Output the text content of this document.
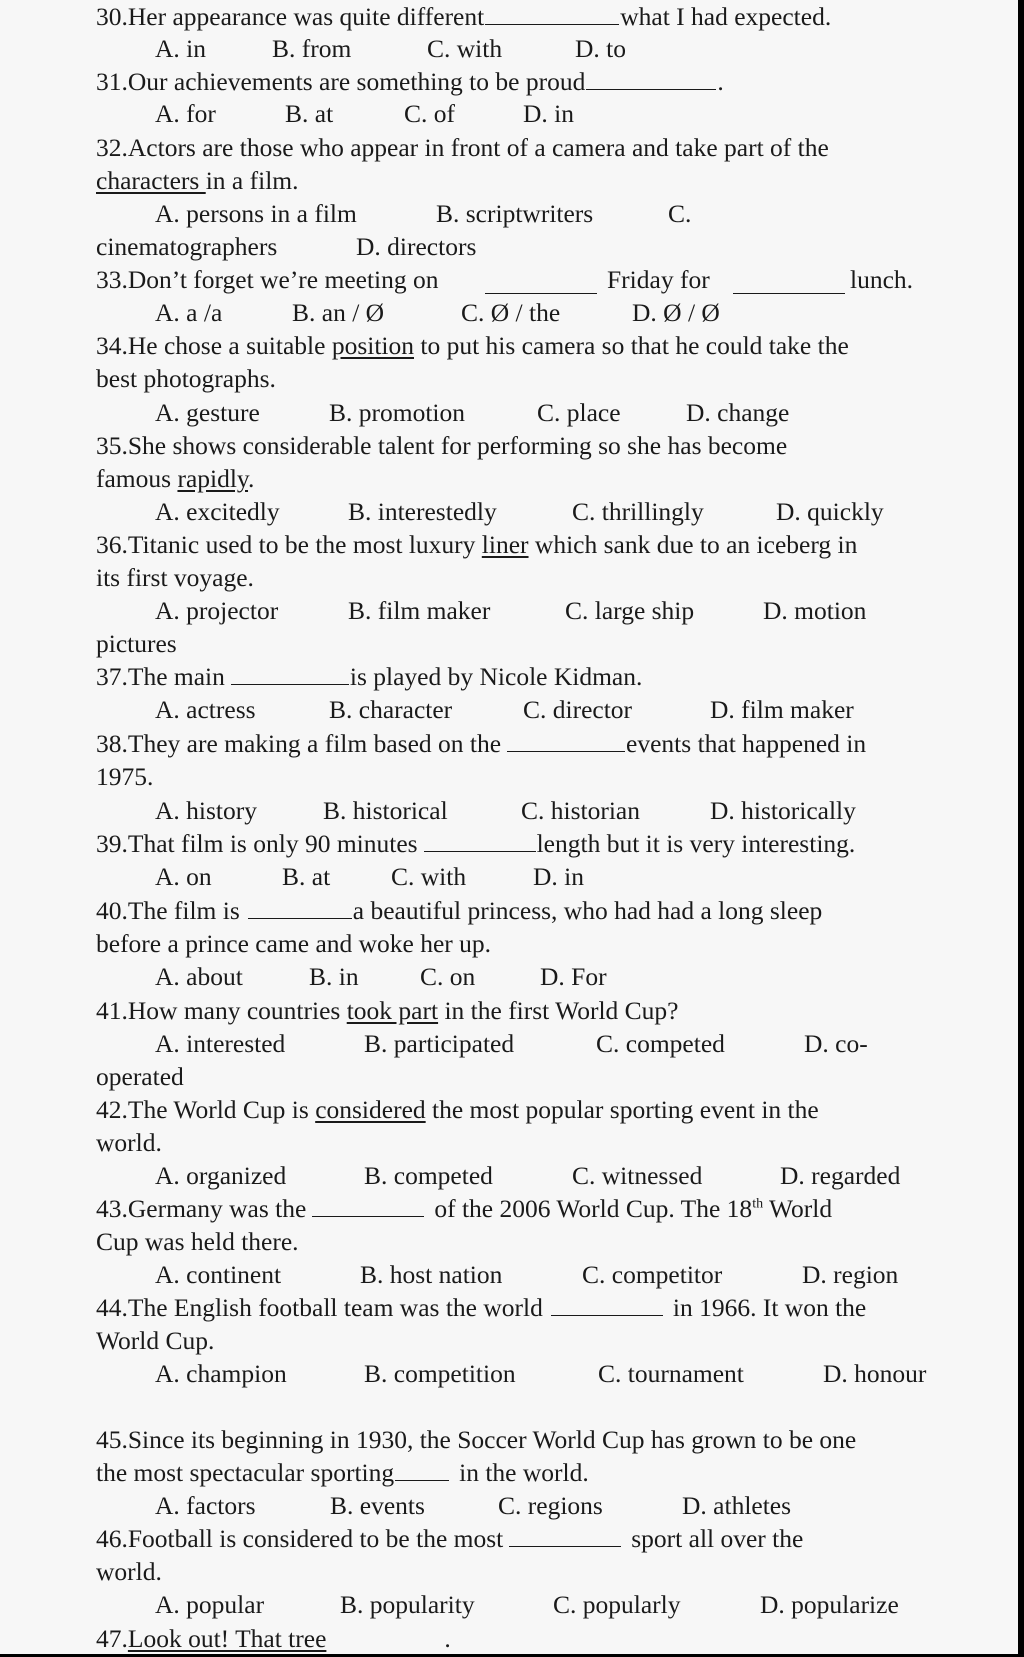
30.Her appearance was quite different	what I had expected.
A. in	B. from	C. with	D. to
31.Our achievements are something to be proud	.
A. for	B. at	C. of	D. in
32.Actors are those who appear in front of a camera and take part of the
characters in a film.
A. persons in a film	B. scriptwriters	C.
cinematographers	D. directors
33.Don’t forget we’re meeting on	Friday for	lunch.
A. a /a	B. an / Ø	C. Ø / the	D. Ø / Ø
34.He chose a suitable position to put his camera so that he could take the
best photographs.
A. gesture	B. promotion	C. place	D. change
35.She shows considerable talent for performing so she has become
famous rapidly.
A. excitedly	B. interestedly	C. thrillingly	D. quickly
36.Titanic used to be the most luxury liner which sank due to an iceberg in
its first voyage.
A. projector	B. film maker	C. large ship	D. motion
pictures
37.The main	is played by Nicole Kidman.
A. actress	B. character	C. director	D. film maker
38.They are making a film based on the	events that happened in
1975.
A. history	B. historical	C. historian	D. historically
39.That film is only 90 minutes	length but it is very interesting.
A. on	B. at C. with	D. in
40.The film is	a beautiful princess, who had had a long sleep
before a prince came and woke her up.
A. about	B. in C. on	D. For
41.How many countries took part in the first World Cup?
A. interested	B. participated	C. competed	D. co-
operated
42.The World Cup is considered the most popular sporting event in the
world.
A. organized	B. competed	C. witnessed	D. regarded
43.Germany was the	of the 2006 World Cup. The 18th World
Cup was held there.
A. continent	B. host nation	C. competitor	D. region
44.The English football team was the world	in 1966. It won the
World Cup.
A. champion	B. competition	C. tournament	D. honour
45.Since its beginning in 1930, the Soccer World Cup has grown to be one
the most spectacular sporting	in the world.
A. factors	B. events	C. regions	D. athletes
46.Football is considered to be the most	sport all over the
world.
A. popular	B. popularity	C. popularly	D. popularize
47.Look out! That tree	.
